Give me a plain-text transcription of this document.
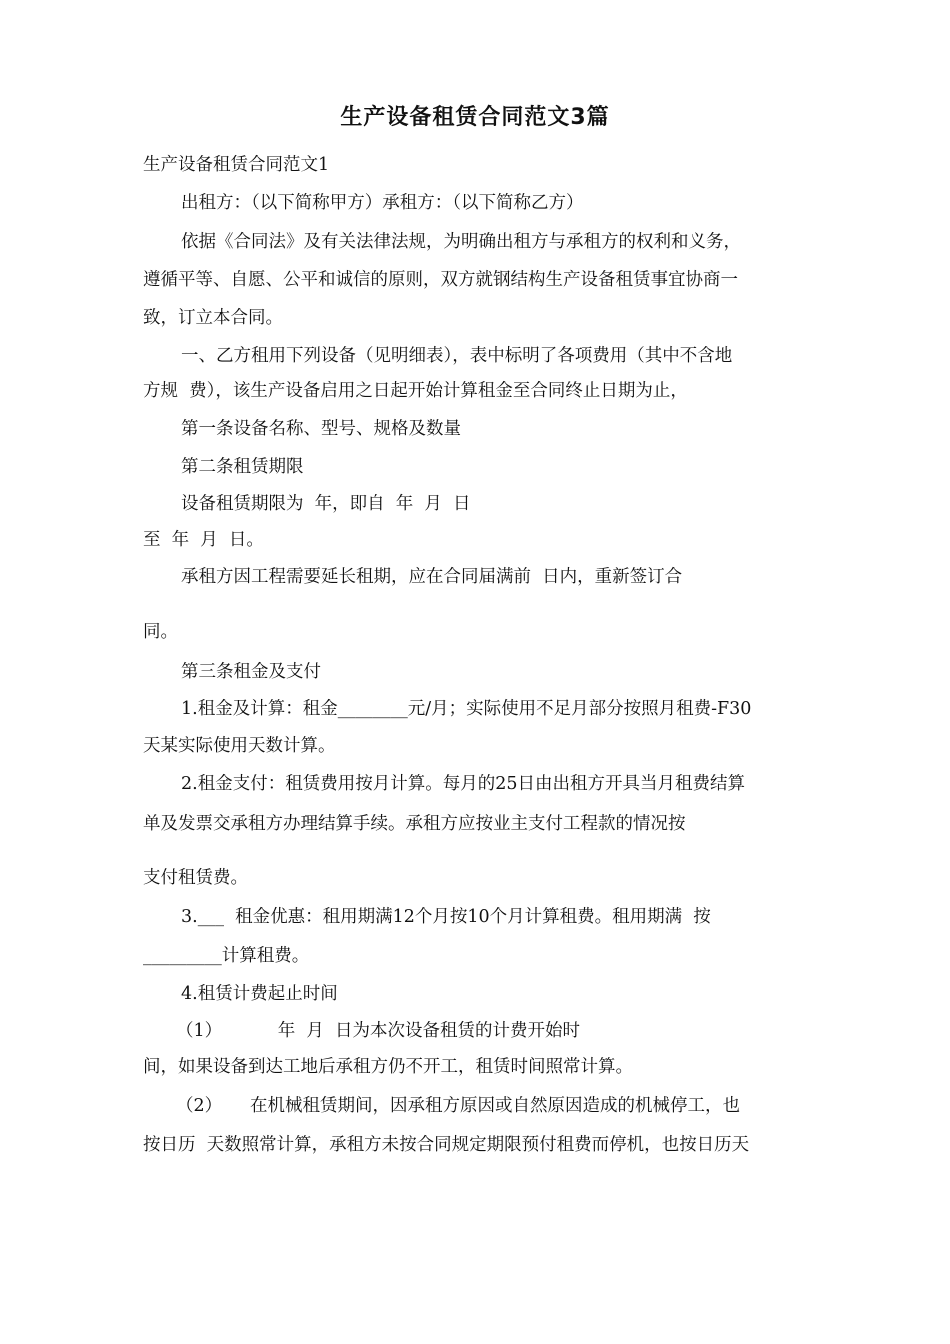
生产设备租赁合同范文3篇
生产设备租赁合同范文1
出租方：（以下简称甲方）承租方：（以下简称乙方）
依据《合同法》及有关法律法规，为明确出租方与承租方的权利和义务，
遵循平等、自愿、公平和诚信的原则，双方就钢结构生产设备租赁事宜协商一
致，订立本合同。
一、乙方租用下列设备（见明细表），表中标明了各项费用（其中不含地
方规  费），该生产设备启用之日起开始计算租金至合同终止日期为止，
第一条设备名称、型号、规格及数量
第二条租赁期限
设备租赁期限为  年，即自  年  月  日
至  年  月  日。
承租方因工程需要延长租期，应在合同届满前  日内，重新签订合
同。
第三条租金及支付
1.租金及计算：租金________元/月；实际使用不足月部分按照月租费-F30
天某实际使用天数计算。
2.租金支付：租赁费用按月计算。每月的25日由出租方开具当月租费结算
单及发票交承租方办理结算手续。承租方应按业主支付工程款的情况按
支付租赁费。
3.___  租金优惠：租用期满12个月按10个月计算租费。租用期满  按
_________计算租费。
4.租赁计费起止时间
（1）          年  月  日为本次设备租赁的计费开始时
间，如果设备到达工地后承租方仍不开工，租赁时间照常计算。
（2）     在机械租赁期间，因承租方原因或自然原因造成的机械停工，也
按日历  天数照常计算，承租方未按合同规定期限预付租费而停机，也按日历天
